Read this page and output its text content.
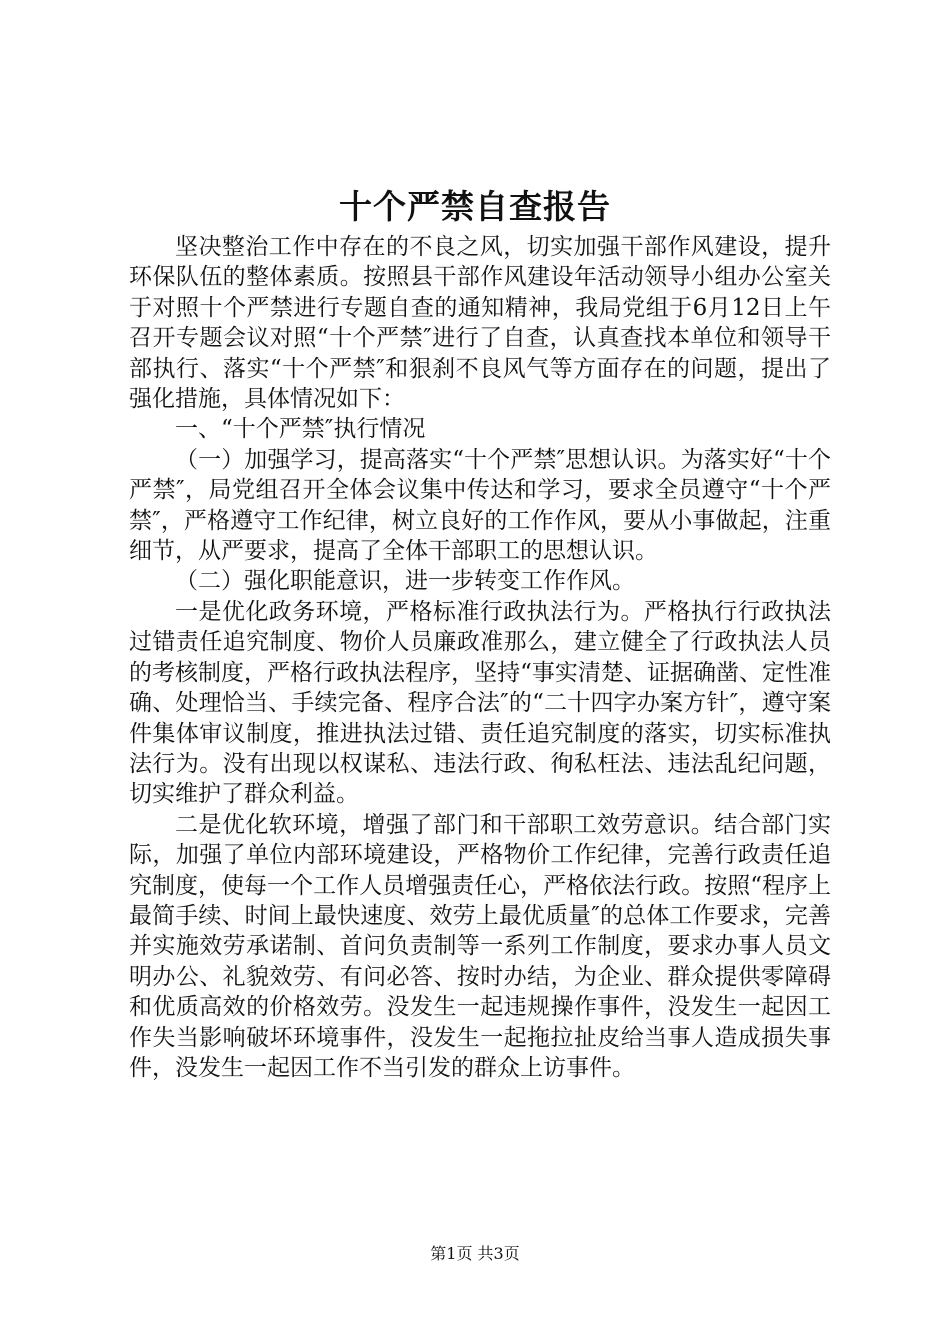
十个严禁自查报告

坚决整治工作中存在的不良之风，切实加强干部作风建设，提升环保队伍的整体素质。按照县干部作风建设年活动领导小组办公室关于对照十个严禁进行专题自查的通知精神，我局党组于6月12日上午召开专题会议对照“十个严禁″进行了自查，认真查找本单位和领导干部执行、落实“十个严禁″和狠刹不良风气等方面存在的问题，提出了强化措施，具体情况如下：

一、“十个严禁″执行情况

（一）加强学习，提高落实“十个严禁″思想认识。为落实好“十个严禁″，局党组召开全体会议集中传达和学习，要求全员遵守“十个严禁″，严格遵守工作纪律，树立良好的工作作风，要从小事做起，注重细节，从严要求，提高了全体干部职工的思想认识。

（二）强化职能意识，进一步转变工作作风。

一是优化政务环境，严格标准行政执法行为。严格执行行政执法过错责任追究制度、物价人员廉政准那么，建立健全了行政执法人员的考核制度，严格行政执法程序，坚持“事实清楚、证据确凿、定性准确、处理恰当、手续完备、程序合法″的“二十四字办案方针″，遵守案件集体审议制度，推进执法过错、责任追究制度的落实，切实标准执法行为。没有出现以权谋私、违法行政、徇私枉法、违法乱纪问题，切实维护了群众利益。

二是优化软环境，增强了部门和干部职工效劳意识。结合部门实际，加强了单位内部环境建设，严格物价工作纪律，完善行政责任追究制度，使每一个工作人员增强责任心，严格依法行政。按照“程序上最简手续、时间上最快速度、效劳上最优质量″的总体工作要求，完善并实施效劳承诺制、首问负责制等一系列工作制度，要求办事人员文明办公、礼貌效劳、有问必答、按时办结，为企业、群众提供零障碍和优质高效的价格效劳。没发生一起违规操作事件，没发生一起因工作失当影响破坏环境事件，没发生一起拖拉扯皮给当事人造成损失事件，没发生一起因工作不当引发的群众上访事件。

第1页 共3页
